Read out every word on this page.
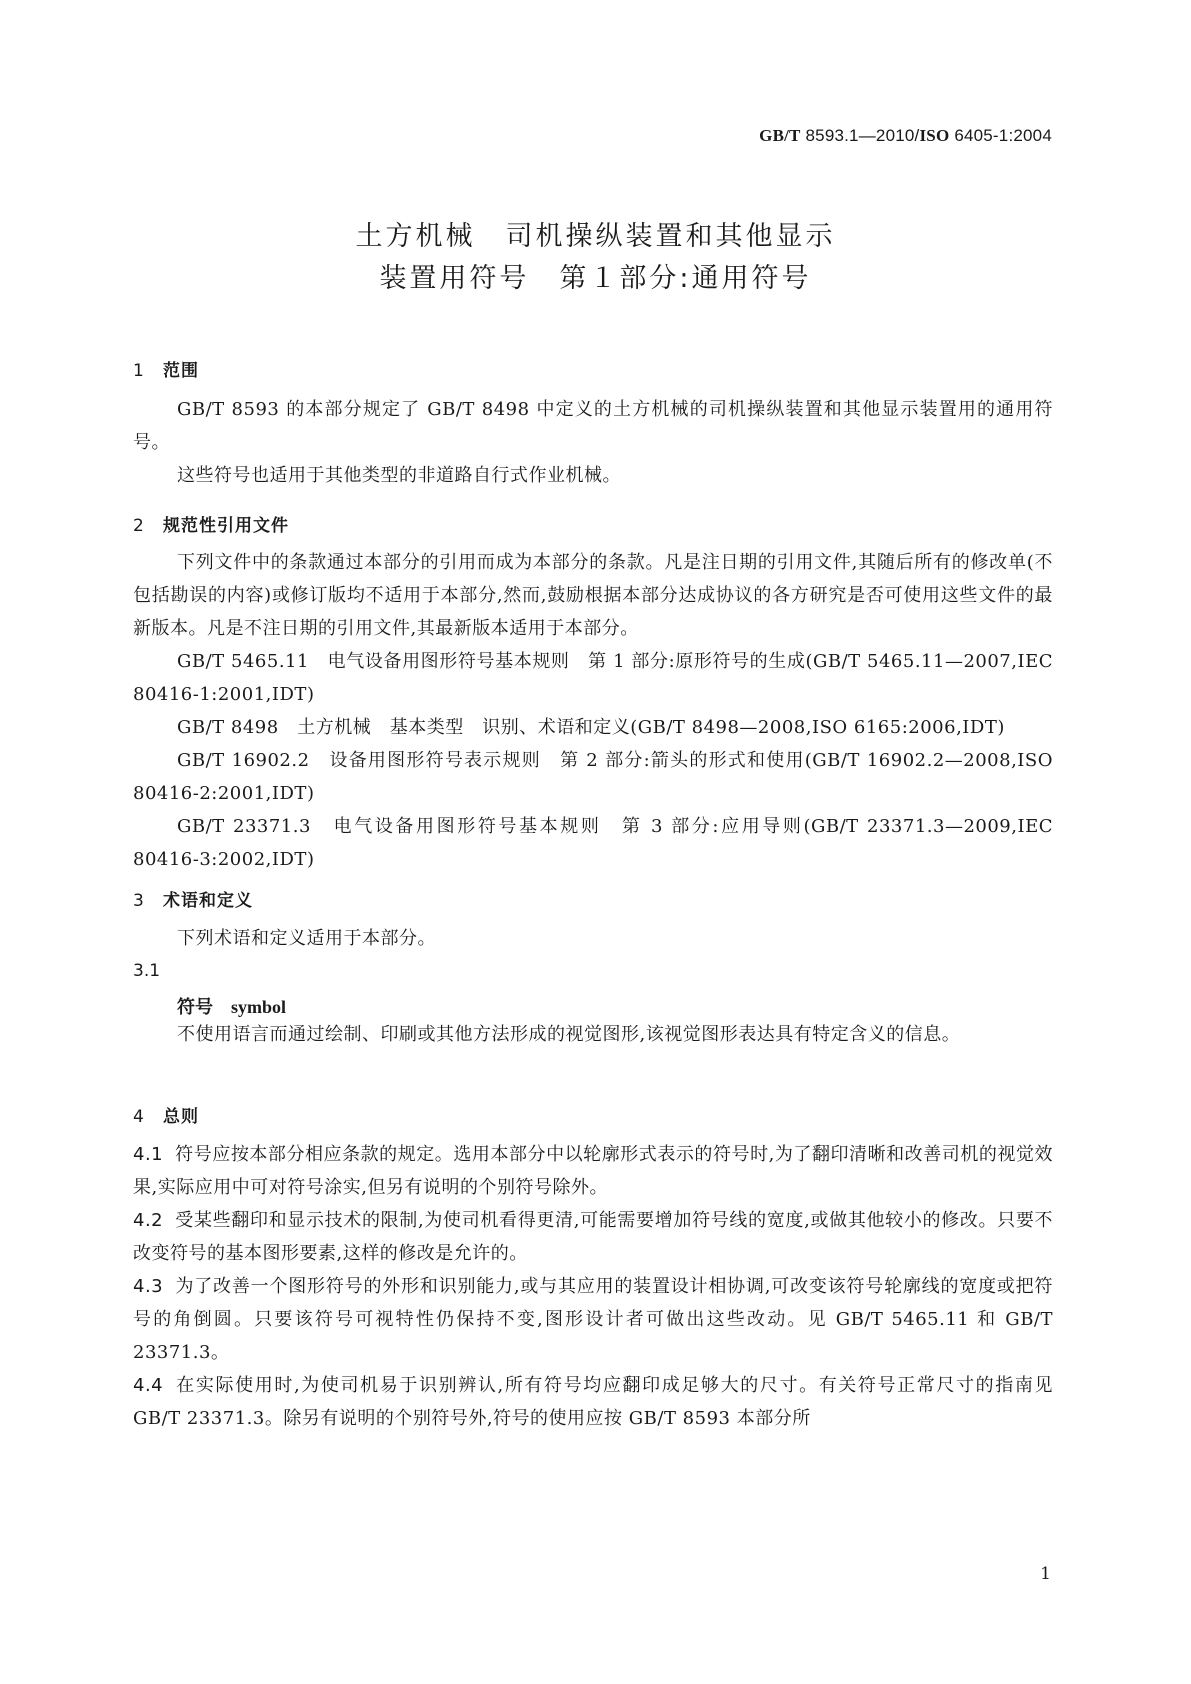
GB/T 8593.1—2010/ISO 6405-1:2004
土方机械　司机操纵装置和其他显示
装置用符号　第１部分:通用符号
1 范围

GB/T 8593 的本部分规定了 GB/T 8498 中定义的土方机械的司机操纵装置和其他显示装置用的通用符号。

这些符号也适用于其他类型的非道路自行式作业机械。

2 规范性引用文件

下列文件中的条款通过本部分的引用而成为本部分的条款。凡是注日期的引用文件,其随后所有的修改单(不包括勘误的内容)或修订版均不适用于本部分,然而,鼓励根据本部分达成协议的各方研究是否可使用这些文件的最新版本。凡是不注日期的引用文件,其最新版本适用于本部分。

GB/T 5465.11　电气设备用图形符号基本规则　第 1 部分:原形符号的生成(GB/T 5465.11—2007,IEC 80416-1:2001,IDT)

GB/T 8498　土方机械　基本类型　识别、术语和定义(GB/T 8498—2008,ISO 6165:2006,IDT)

GB/T 16902.2　设备用图形符号表示规则　第 2 部分:箭头的形式和使用(GB/T 16902.2—2008,ISO 80416-2:2001,IDT)

GB/T 23371.3　电气设备用图形符号基本规则　第 3 部分:应用导则(GB/T 23371.3—2009,IEC 80416-3:2002,IDT)

3 术语和定义

下列术语和定义适用于本部分。

3.1
符号 symbol

不使用语言而通过绘制、印刷或其他方法形成的视觉图形,该视觉图形表达具有特定含义的信息。

4 总则

4.1 符号应按本部分相应条款的规定。选用本部分中以轮廓形式表示的符号时,为了翻印清晰和改善司机的视觉效果,实际应用中可对符号涂实,但另有说明的个别符号除外。

4.2 受某些翻印和显示技术的限制,为使司机看得更清,可能需要增加符号线的宽度,或做其他较小的修改。只要不改变符号的基本图形要素,这样的修改是允许的。

4.3 为了改善一个图形符号的外形和识别能力,或与其应用的装置设计相协调,可改变该符号轮廓线的宽度或把符号的角倒圆。只要该符号可视特性仍保持不变,图形设计者可做出这些改动。见 GB/T 5465.11 和 GB/T 23371.3。

4.4 在实际使用时,为使司机易于识别辨认,所有符号均应翻印成足够大的尺寸。有关符号正常尺寸的指南见 GB/T 23371.3。除另有说明的个别符号外,符号的使用应按 GB/T 8593 本部分所

1
